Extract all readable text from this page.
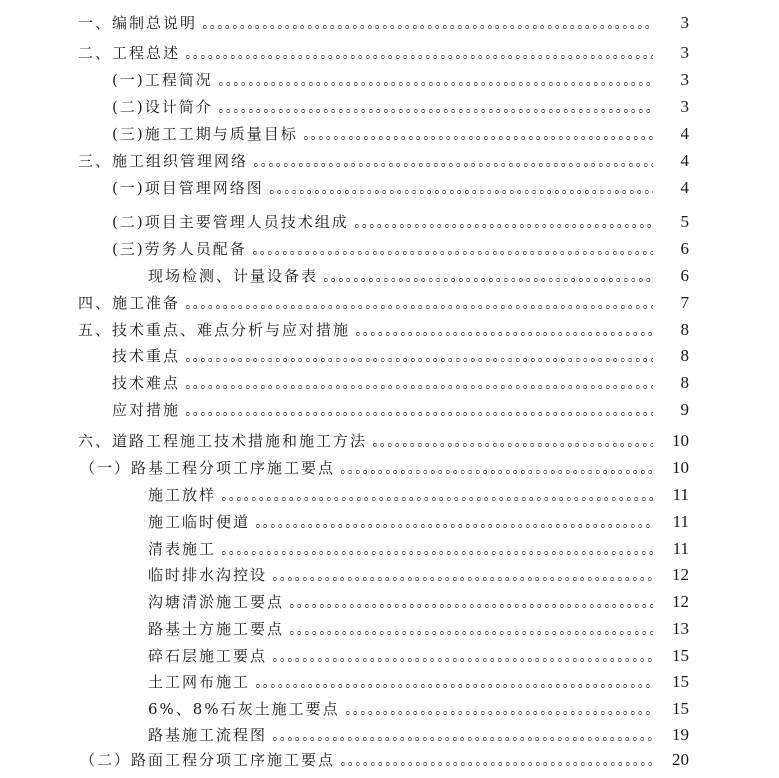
一、编制总说明	3
二、工程总述	3
(一)工程简况	3
(二)设计简介	3
(三)施工工期与质量目标	4
三、施工组织管理网络	4
(一)项目管理网络图	4
(二)项目主要管理人员技术组成	5
(三)劳务人员配备	6
现场检测、计量设备表	6
四、施工准备	7
五、技术重点、难点分析与应对措施	8
技术重点	8
技术难点	8
应对措施	9
六、道路工程施工技术措施和施工方法	10
（一）路基工程分项工序施工要点	10
施工放样	11
施工临时便道	11
清表施工	11
临时排水沟控设	12
沟塘清淤施工要点	12
路基土方施工要点	13
碎石层施工要点	15
土工网布施工	15
6%、8%石灰土施工要点	15
路基施工流程图	19
（二）路面工程分项工序施工要点	20
